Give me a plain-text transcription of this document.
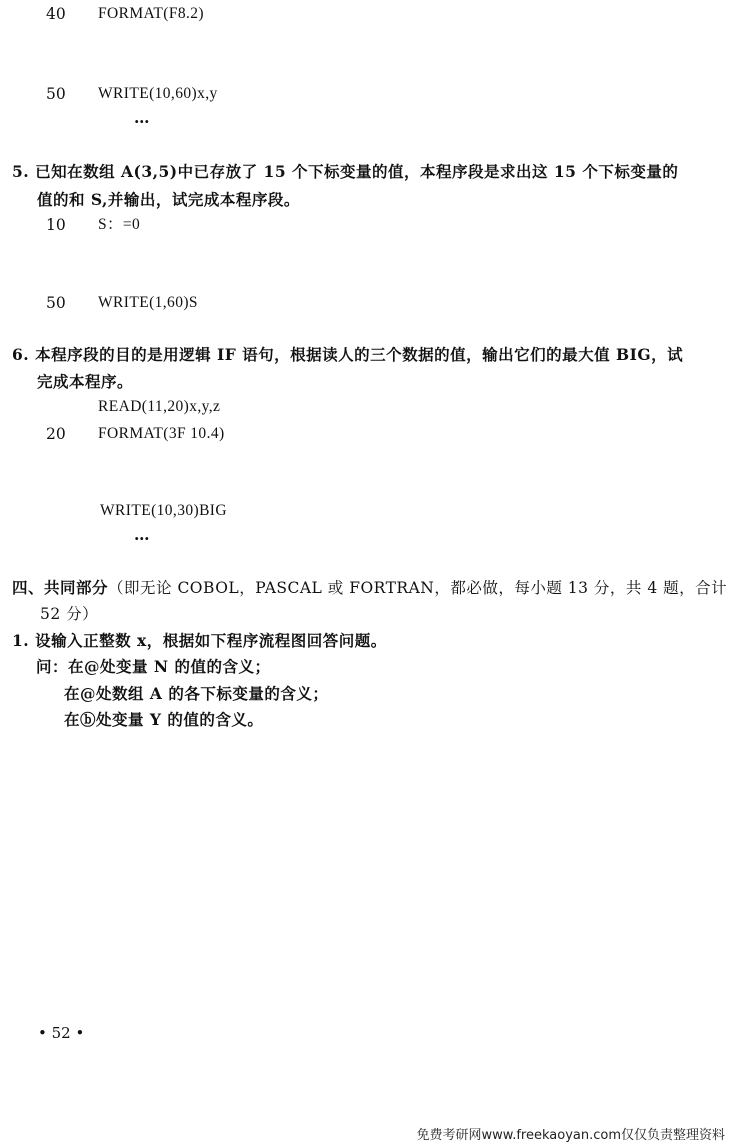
40	FORMAT(F8.2)
50	WRITE(10,60)x,y
…
5. 已知在数组 A(3,5)中已存放了 15 个下标变量的值，本程序段是求出这 15 个下标变量的
值的和 S,并输出，试完成本程序段。
10	S：=0
50	WRITE(1,60)S
6. 本程序段的目的是用逻辑 IF 语句，根据读人的三个数据的值，输出它们的最大值 BIG，试
完成本程序。
READ(11,20)x,y,z
20	FORMAT(3F 10.4)
WRITE(10,30)BIG
…
四、共同部分（即无论 COBOL，PASCAL 或 FORTRAN，都必做，每小题 13 分，共 4 题，合计
52 分）
1. 设输入正整数 x，根据如下程序流程图回答问题。
问：在@处变量 N 的值的含义；
在@处数组 A 的各下标变量的含义；
在ⓑ处变量 Y 的值的含义。
• 52 •
免费考研网www.freekaoyan.com仅仅负责整理资料
